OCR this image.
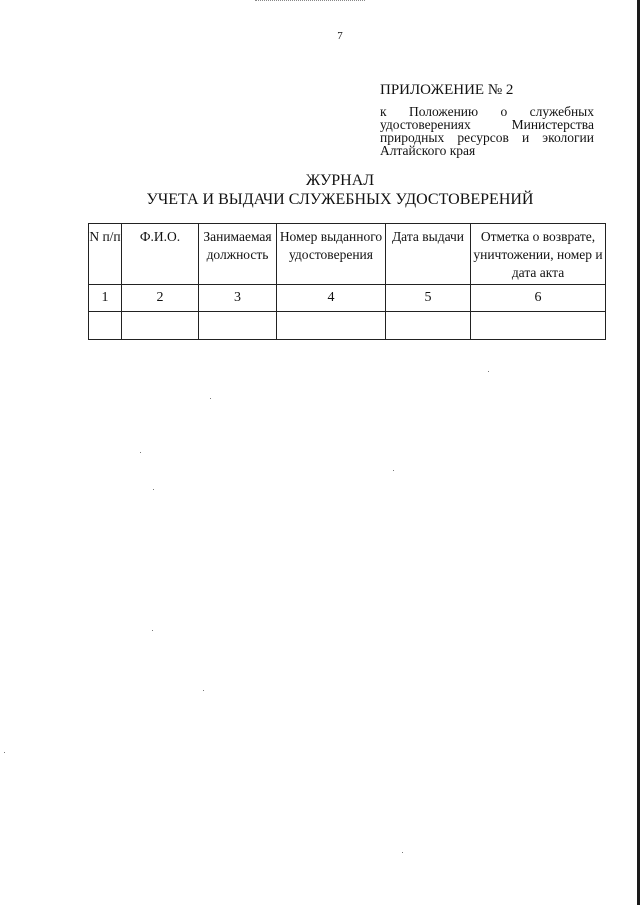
7
ПРИЛОЖЕНИЕ № 2
к Положению о служебных удостоверениях Министерства природных ресурсов и экологии Алтайского края
ЖУРНАЛ
УЧЕТА И ВЫДАЧИ СЛУЖЕБНЫХ УДОСТОВЕРЕНИЙ
N п/п	Ф.И.О.	Занимаемая должность	Номер выданного удостоверения	Дата выдачи	Отметка о возврате, уничтожении, номер и дата акта
1	2	3	4	5	6
